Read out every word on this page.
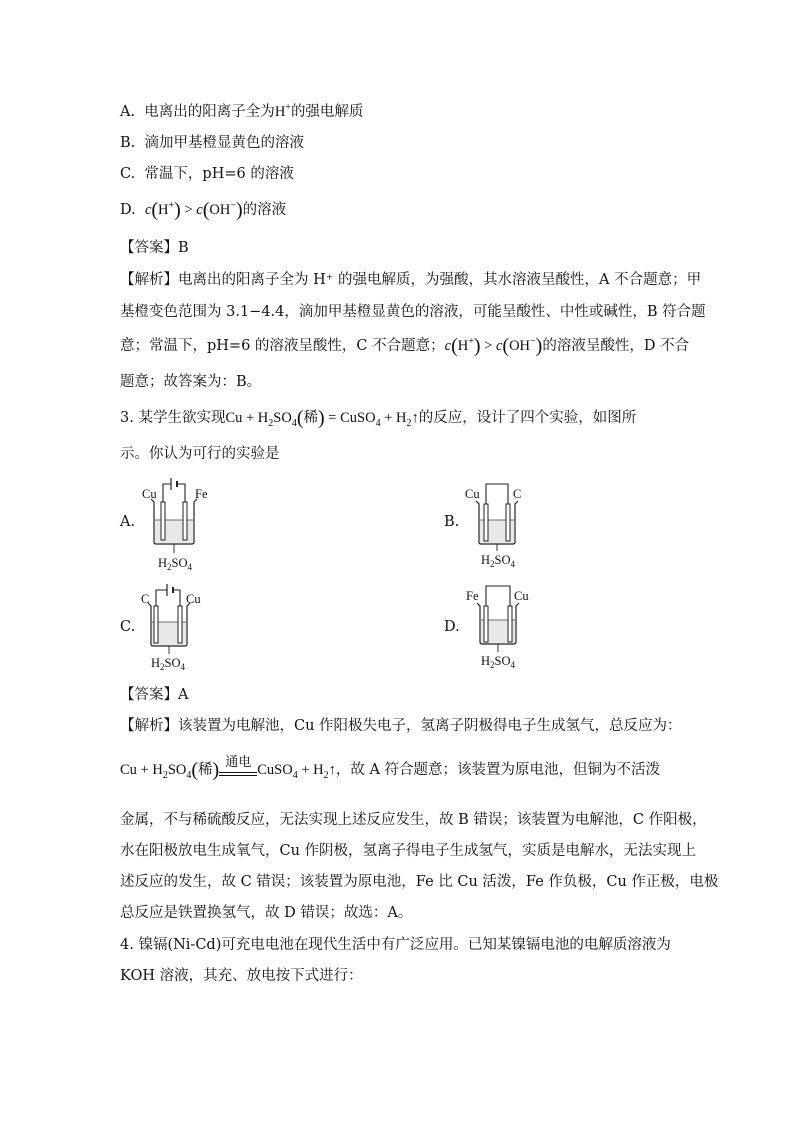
A. 电离出的阳离子全为H+的强电解质
B. 滴加甲基橙显黄色的溶液
C. 常温下，pH=6 的溶液
D. c(H+) > c(OH−)的溶液
【答案】B
【解析】电离出的阳离子全为 H⁺ 的强电解质，为强酸，其水溶液呈酸性，A 不合题意；甲
基橙变色范围为 3.1−4.4，滴加甲基橙显黄色的溶液，可能呈酸性、中性或碱性，B 符合题
意；常温下，pH=6 的溶液呈酸性，C 不合题意；c(H+) > c(OH−)的溶液呈酸性，D 不合
题意；故答案为：B。
3. 某学生欲实现$Cu + H_2SO_4$(稀) = CuSO$_4$ + $H_2↑$的反应，设计了四个实验，如图所
示。你认为可行的实验是
A.
Cu	Fe
$H_2SO_4$
B.
Cu	C
$H_2SO_4$
C.
C	Cu
$H_2SO_4$
D.
Fe	Cu
$H_2SO_4$
【答案】A
【解析】该装置为电解池，Cu 作阳极失电子，氢离子阴极得电子生成氢气，总反应为：
$Cu + H_2SO_4$(稀) 通电 CuSO$_4$ + $H_2↑$，故 A 符合题意；该装置为原电池，但铜为不活泼
金属，不与稀硫酸反应，无法实现上述反应发生，故 B 错误；该装置为电解池，C 作阳极，
水在阳极放电生成氧气，Cu 作阴极，氢离子得电子生成氢气，实质是电解水，无法实现上
述反应的发生，故 C 错误；该装置为原电池，Fe 比 Cu 活泼，Fe 作负极，Cu 作正极，电极
总反应是铁置换氢气，故 D 错误；故选：A。
4. 镍镉(Ni-Cd)可充电电池在现代生活中有广泛应用。已知某镍镉电池的电解质溶液为
KOH 溶液，其充、放电按下式进行：
